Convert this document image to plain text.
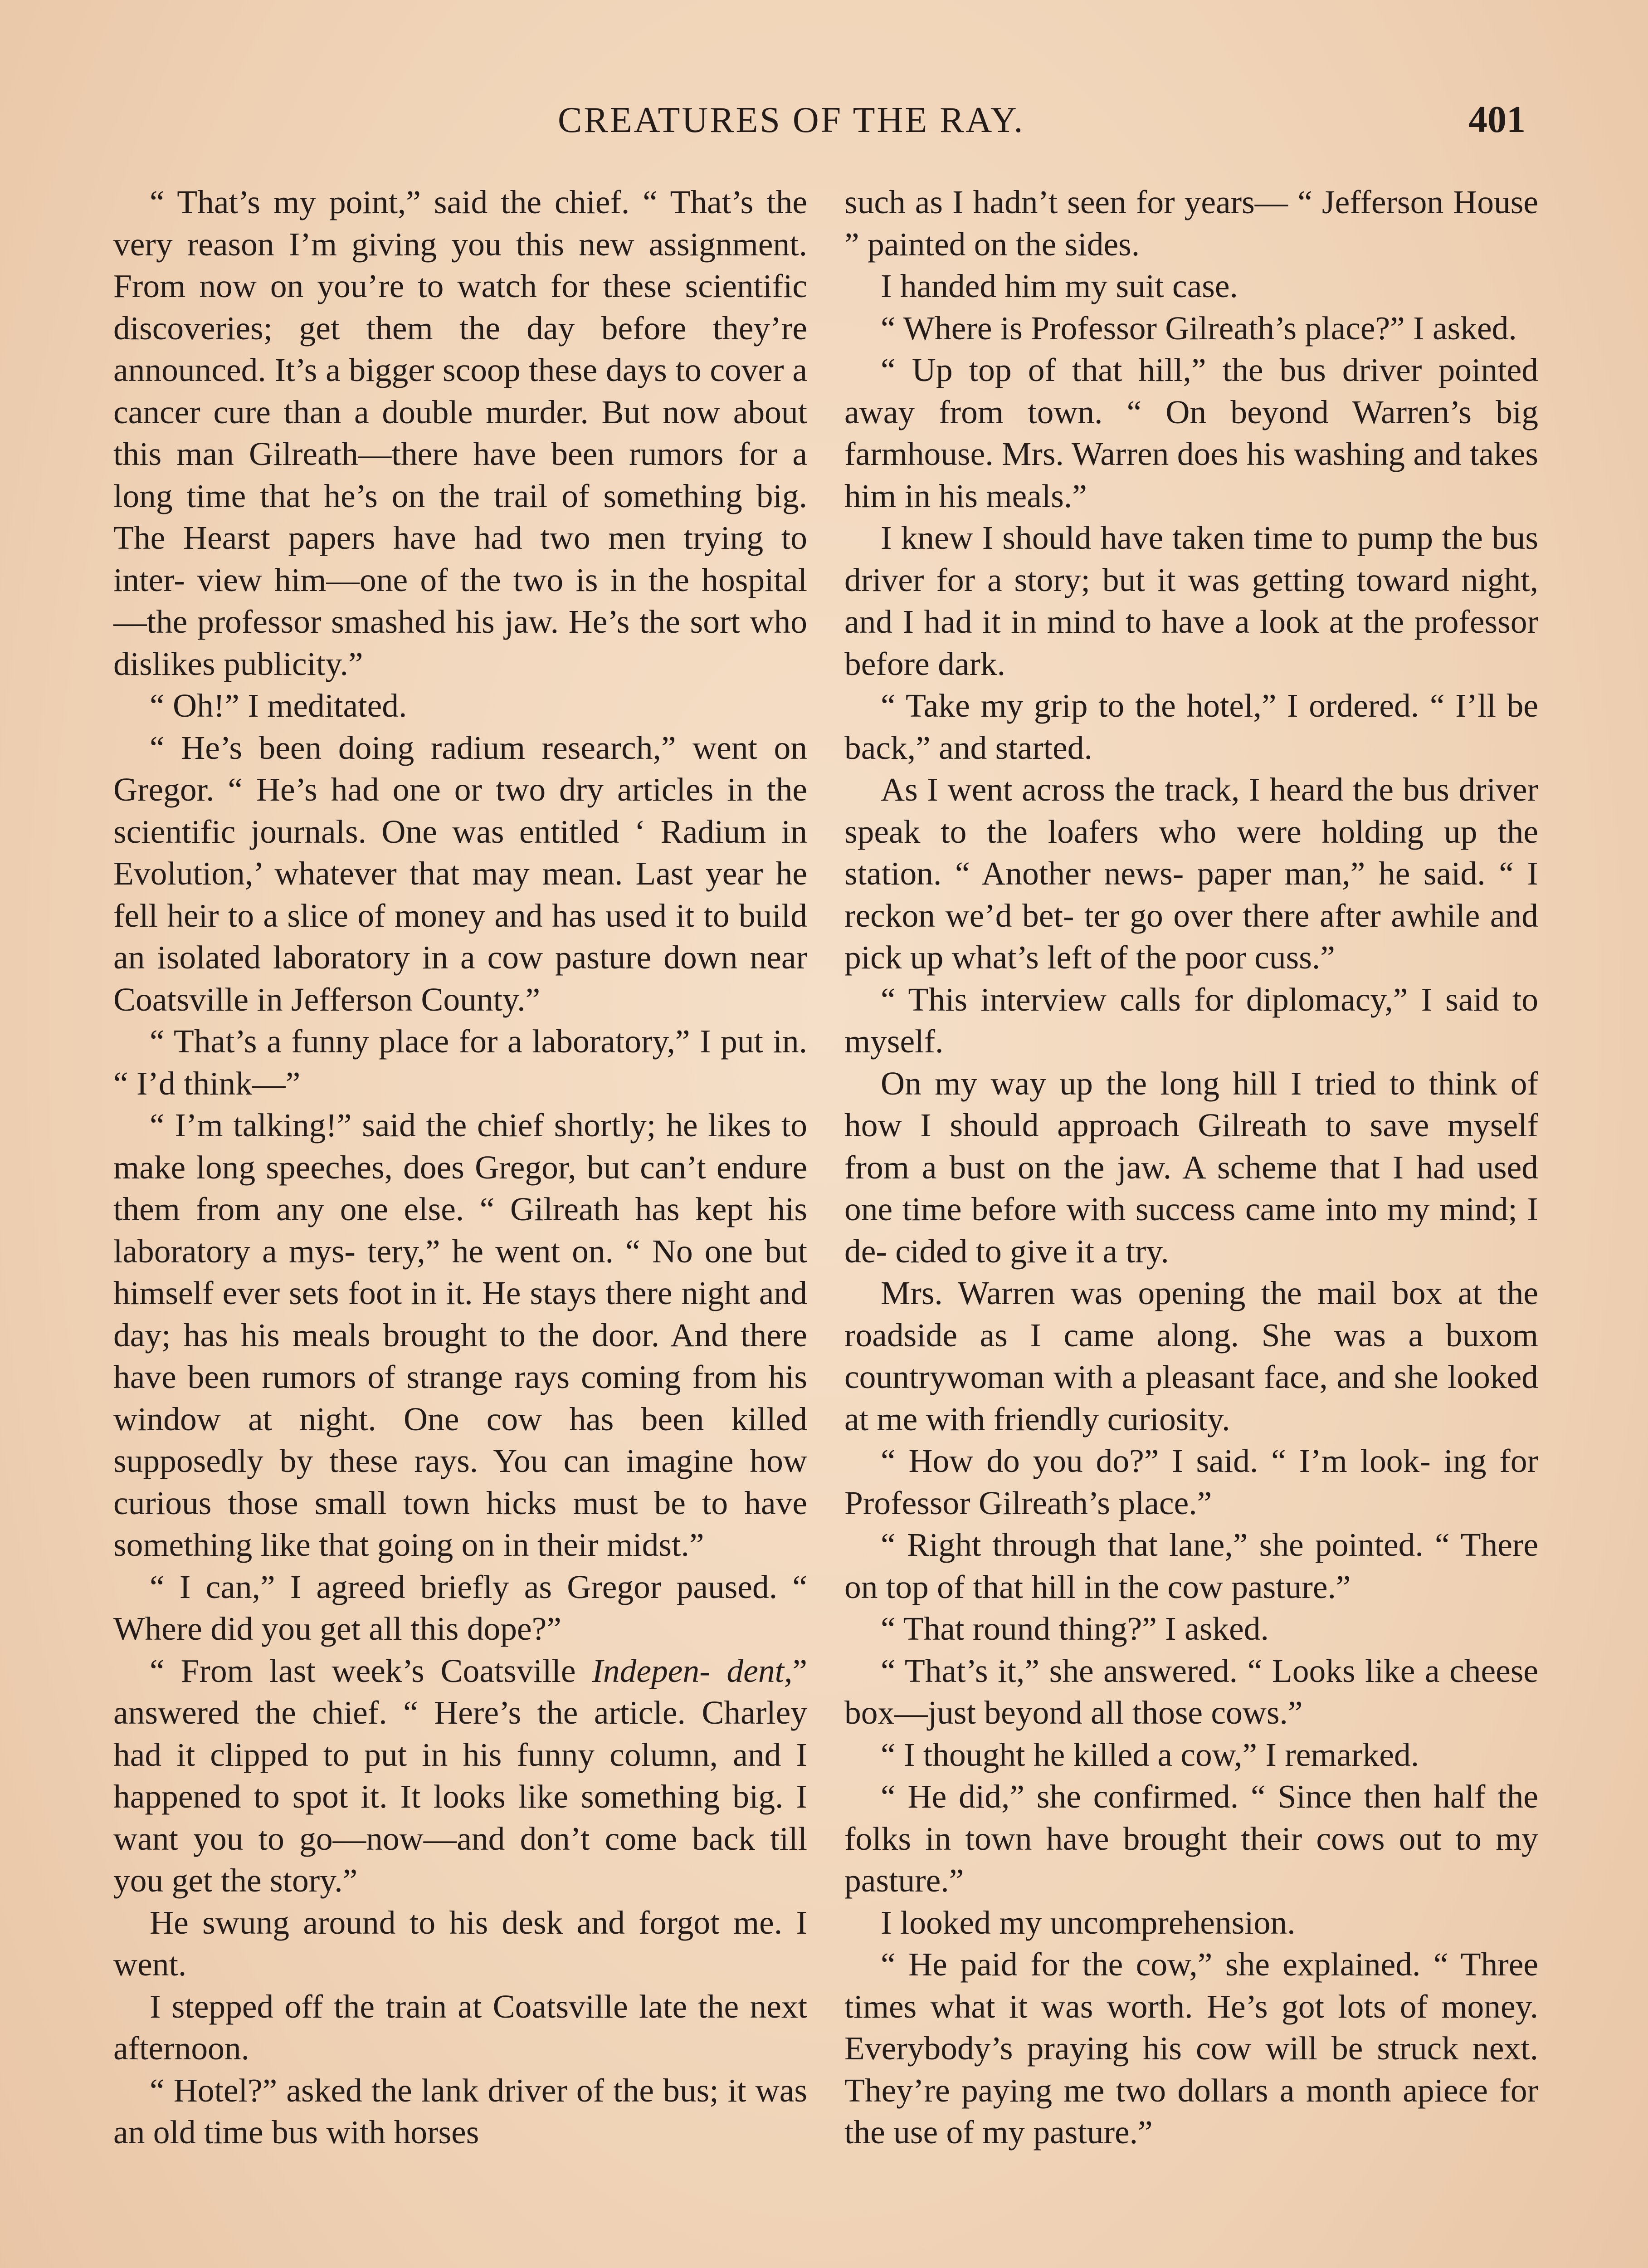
CREATURES OF THE RAY.	401

“ That’s my point,” said the chief. “ That’s the very reason I’m giving you this new assignment. From now on you’re to watch for these scientific discoveries; get them the day before they’re announced. It’s a bigger scoop these days to cover a cancer cure than a double murder. But now about this man Gilreath—there have been rumors for a long time that he’s on the trail of something big. The Hearst papers have had two men trying to inter- view him—one of the two is in the hospital —the professor smashed his jaw. He’s the sort who dislikes publicity.”

“ Oh!” I meditated.

“ He’s been doing radium research,” went on Gregor. “ He’s had one or two dry articles in the scientific journals. One was entitled ‘ Radium in Evolution,’ whatever that may mean. Last year he fell heir to a slice of money and has used it to build an isolated laboratory in a cow pasture down near Coatsville in Jefferson County.”

“ That’s a funny place for a laboratory,” I put in. “ I’d think—”

“ I’m talking!” said the chief shortly; he likes to make long speeches, does Gregor, but can’t endure them from any one else. “ Gilreath has kept his laboratory a mys- tery,” he went on. “ No one but himself ever sets foot in it. He stays there night and day; has his meals brought to the door. And there have been rumors of strange rays coming from his window at night. One cow has been killed supposedly by these rays. You can imagine how curious those small town hicks must be to have something like that going on in their midst.”

“ I can,” I agreed briefly as Gregor paused. “ Where did you get all this dope?”

“ From last week’s Coatsville Indepen- dent,” answered the chief. “ Here’s the article. Charley had it clipped to put in his funny column, and I happened to spot it. It looks like something big. I want you to go—now—and don’t come back till you get the story.”

He swung around to his desk and forgot me. I went.

I stepped off the train at Coatsville late the next afternoon.

“ Hotel?” asked the lank driver of the bus; it was an old time bus with horses

such as I hadn’t seen for years— “ Jefferson House ” painted on the sides.

I handed him my suit case.

“ Where is Professor Gilreath’s place?” I asked.

“ Up top of that hill,” the bus driver pointed away from town. “ On beyond Warren’s big farmhouse. Mrs. Warren does his washing and takes him in his meals.”

I knew I should have taken time to pump the bus driver for a story; but it was getting toward night, and I had it in mind to have a look at the professor before dark.

“ Take my grip to the hotel,” I ordered. “ I’ll be back,” and started.

As I went across the track, I heard the bus driver speak to the loafers who were holding up the station. “ Another news- paper man,” he said. “ I reckon we’d bet- ter go over there after awhile and pick up what’s left of the poor cuss.”

“ This interview calls for diplomacy,” I said to myself.

On my way up the long hill I tried to think of how I should approach Gilreath to save myself from a bust on the jaw. A scheme that I had used one time before with success came into my mind; I de- cided to give it a try.

Mrs. Warren was opening the mail box at the roadside as I came along. She was a buxom countrywoman with a pleasant face, and she looked at me with friendly curiosity.

“ How do you do?” I said. “ I’m look- ing for Professor Gilreath’s place.”

“ Right through that lane,” she pointed. “ There on top of that hill in the cow pasture.”

“ That round thing?” I asked.

“ That’s it,” she answered. “ Looks like a cheese box—just beyond all those cows.”

“ I thought he killed a cow,” I remarked.

“ He did,” she confirmed. “ Since then half the folks in town have brought their cows out to my pasture.”

I looked my uncomprehension.

“ He paid for the cow,” she explained. “ Three times what it was worth. He’s got lots of money. Everybody’s praying his cow will be struck next. They’re paying me two dollars a month apiece for the use of my pasture.”
